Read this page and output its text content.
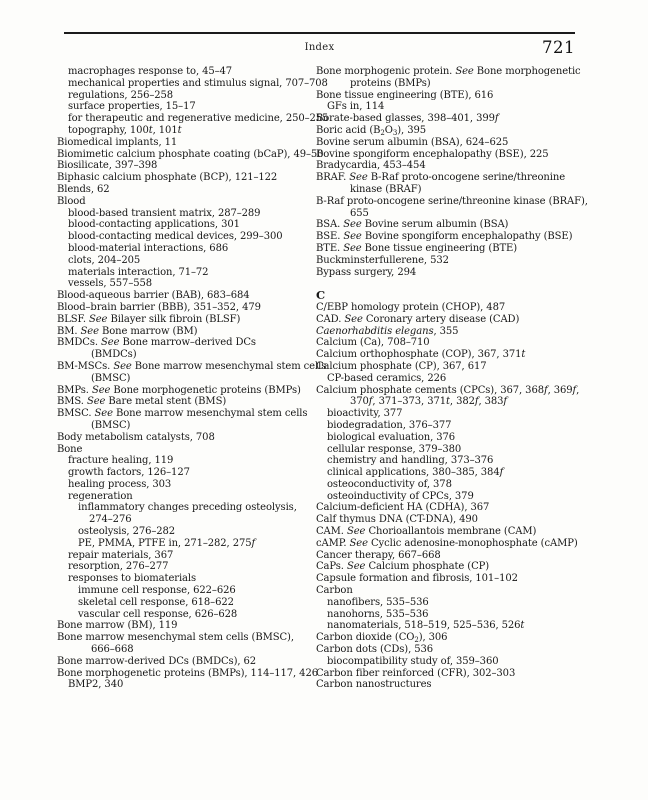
Index	721
macrophages response to, 45–47
mechanical properties and stimulus signal, 707–708
regulations, 256–258
surface properties, 15–17
for therapeutic and regenerative medicine, 250–255
topography, 100t, 101t
Biomedical implants, 11
Biomimetic calcium phosphate coating (bCaP), 49–50
Biosilicate, 397–398
Biphasic calcium phosphate (BCP), 121–122
Blends, 62
Blood
blood-based transient matrix, 287–289
blood-contacting applications, 301
blood-contacting medical devices, 299–300
blood-material interactions, 686
clots, 204–205
materials interaction, 71–72
vessels, 557–558
Blood-aqueous barrier (BAB), 683–684
Blood–brain barrier (BBB), 351–352, 479
BLSF. See Bilayer silk fibroin (BLSF)
BM. See Bone marrow (BM)
BMDCs. See Bone marrow–derived DCs
(BMDCs)
BM-MSCs. See Bone marrow mesenchymal stem cells
(BMSC)
BMPs. See Bone morphogenetic proteins (BMPs)
BMS. See Bare metal stent (BMS)
BMSC. See Bone marrow mesenchymal stem cells
(BMSC)
Body metabolism catalysts, 708
Bone
fracture healing, 119
growth factors, 126–127
healing process, 303
regeneration
inflammatory changes preceding osteolysis,
274–276
osteolysis, 276–282
PE, PMMA, PTFE in, 271–282, 275f
repair materials, 367
resorption, 276–277
responses to biomaterials
immune cell response, 622–626
skeletal cell response, 618–622
vascular cell response, 626–628
Bone marrow (BM), 119
Bone marrow mesenchymal stem cells (BMSC),
666–668
Bone marrow-derived DCs (BMDCs), 62
Bone morphogenetic proteins (BMPs), 114–117, 426
BMP2, 340
Bone morphogenic protein. See Bone morphogenetic
proteins (BMPs)
Bone tissue engineering (BTE), 616
GFs in, 114
Borate-based glasses, 398–401, 399f
Boric acid $(B_2O_3)$, 395
Bovine serum albumin (BSA), 624–625
Bovine spongiform encephalopathy (BSE), 225
Bradycardia, 453–454
BRAF. See B-Raf proto-oncogene serine/threonine
kinase (BRAF)
B-Raf proto-oncogene serine/threonine kinase (BRAF),
655
BSA. See Bovine serum albumin (BSA)
BSE. See Bovine spongiform encephalopathy (BSE)
BTE. See Bone tissue engineering (BTE)
Buckminsterfullerene, 532
Bypass surgery, 294
C
C/EBP homology protein (CHOP), 487
CAD. See Coronary artery disease (CAD)
Caenorhabditis elegans, 355
Calcium (Ca), 708–710
Calcium orthophosphate (COP), 367, 371t
Calcium phosphate (CP), 367, 617
CP-based ceramics, 226
Calcium phosphate cements (CPCs), 367, 368f, 369f,
370f, 371–373, 371t, 382f, 383f
bioactivity, 377
biodegradation, 376–377
biological evaluation, 376
cellular response, 379–380
chemistry and handling, 373–376
clinical applications, 380–385, 384f
osteoconductivity of, 378
osteoinductivity of CPCs, 379
Calcium-deficient HA (CDHA), 367
Calf thymus DNA (CT-DNA), 490
CAM. See Chorioallantois membrane (CAM)
cAMP. See Cyclic adenosine-monophosphate (cAMP)
Cancer therapy, 667–668
CaPs. See Calcium phosphate (CP)
Capsule formation and fibrosis, 101–102
Carbon
nanofibers, 535–536
nanohorns, 535–536
nanomaterials, 518–519, 525–536, 526t
Carbon dioxide $(CO_2)$, 306
Carbon dots (CDs), 536
biocompatibility study of, 359–360
Carbon fiber reinforced (CFR), 302–303
Carbon nanostructures
